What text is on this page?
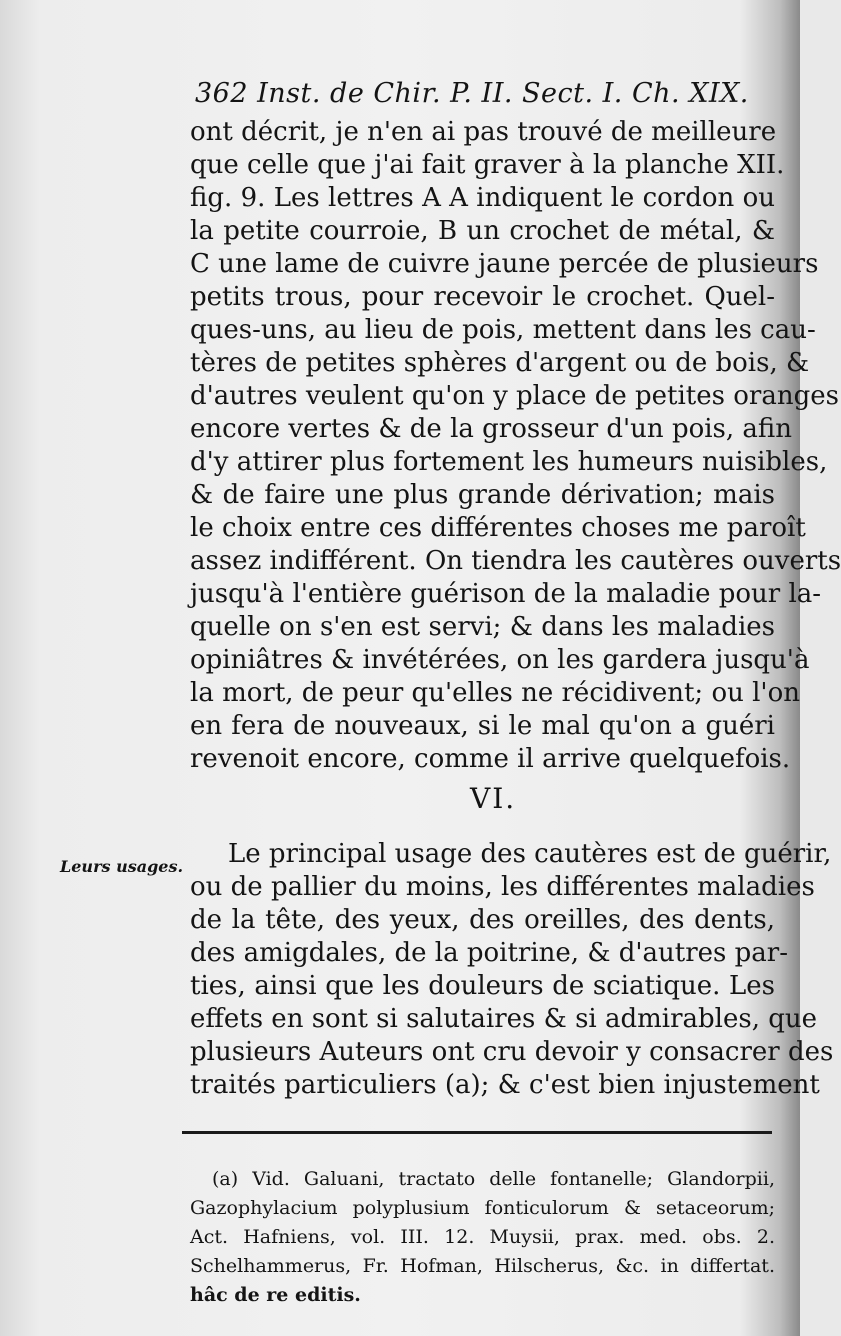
362 Inst. de Chir. P. II. Sect. I. Ch. XIX.
ont décrit, je n'en ai pas trouvé de meilleure
que celle que j'ai fait graver à la planche XII.
fig. 9. Les lettres A A indiquent le cordon ou
la petite courroie, B un crochet de métal, &
C une lame de cuivre jaune percée de plusieurs
petits trous, pour recevoir le crochet. Quel-
ques-uns, au lieu de pois, mettent dans les cau-
tères de petites sphères d'argent ou de bois, &
d'autres veulent qu'on y place de petites oranges
encore vertes & de la grosseur d'un pois, afin
d'y attirer plus fortement les humeurs nuisibles,
& de faire une plus grande dérivation; mais
le choix entre ces différentes choses me paroît
assez indifférent. On tiendra les cautères ouverts
jusqu'à l'entière guérison de la maladie pour la-
quelle on s'en est servi; & dans les maladies
opiniâtres & invétérées, on les gardera jusqu'à
la mort, de peur qu'elles ne récidivent; ou l'on
en fera de nouveaux, si le mal qu'on a guéri
revenoit encore, comme il arrive quelquefois.
VI.
Leurs usages.	Le principal usage des cautères est de guérir,
ou de pallier du moins, les différentes maladies
de la tête, des yeux, des oreilles, des dents,
des amigdales, de la poitrine, & d'autres par-
ties, ainsi que les douleurs de sciatique. Les
effets en sont si salutaires & si admirables, que
plusieurs Auteurs ont cru devoir y consacrer des
traités particuliers (a); & c'est bien injustement
(a) Vid. Galuani, tractato delle fontanelle; Glandorpii,
Gazophylacium polyplusium fonticulorum & setaceorum;
Act. Hafniens, vol. III. 12. Muysii, prax. med. obs. 2.
Schelhammerus, Fr. Hofman, Hilscherus, &c. in differtat.
hâc de re editis.
